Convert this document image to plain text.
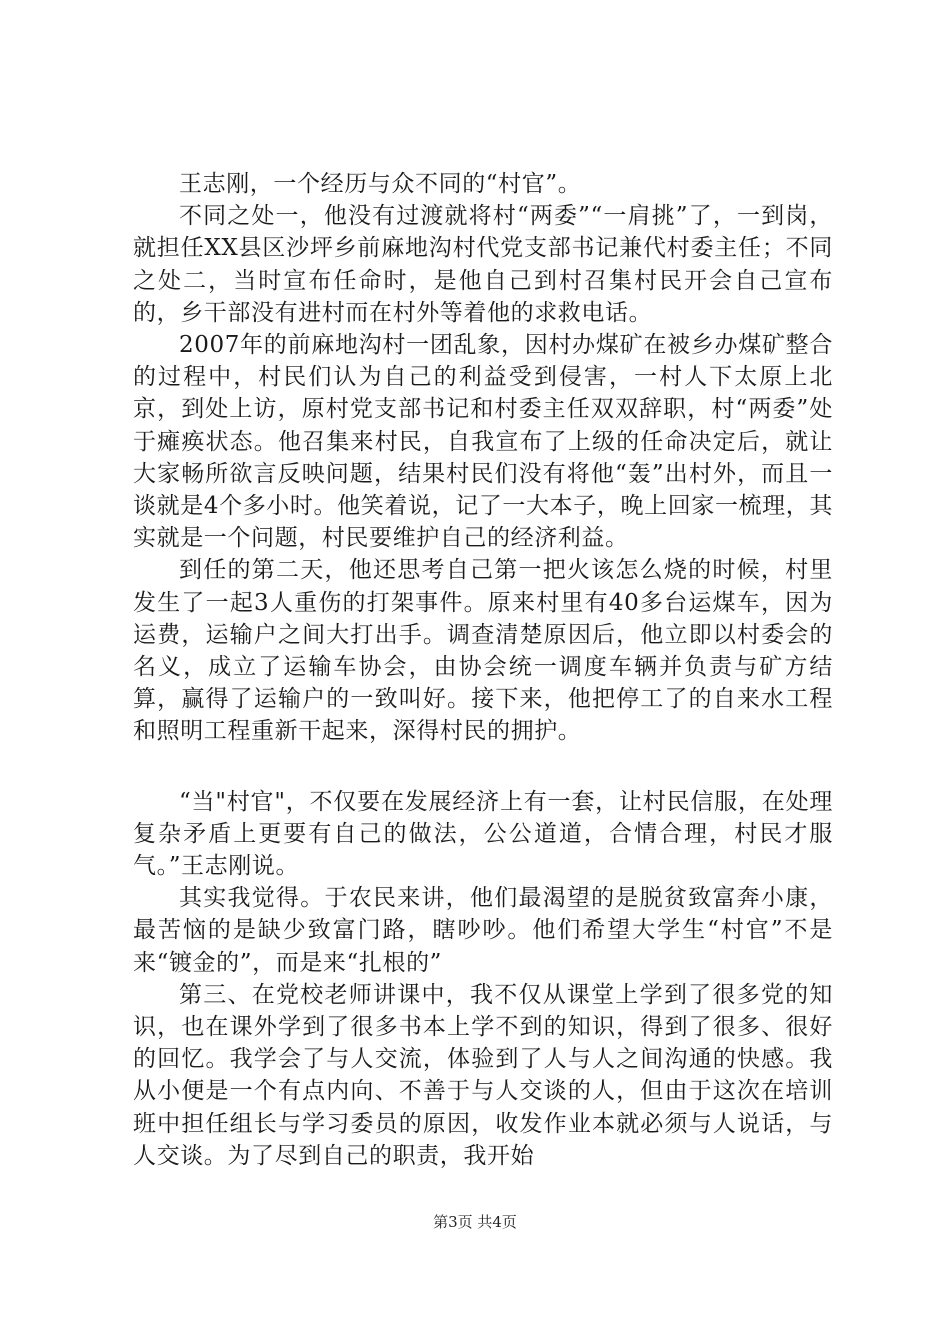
王志刚，一个经历与众不同的“村官”。

不同之处一，他没有过渡就将村“两委”“一肩挑”了，一到岗，就担任XX县区沙坪乡前麻地沟村代党支部书记兼代村委主任；不同之处二，当时宣布任命时，是他自己到村召集村民开会自己宣布的，乡干部没有进村而在村外等着他的求救电话。

2007年的前麻地沟村一团乱象，因村办煤矿在被乡办煤矿整合的过程中，村民们认为自己的利益受到侵害，一村人下太原上北京，到处上访，原村党支部书记和村委主任双双辞职，村“两委”处于瘫痪状态。他召集来村民，自我宣布了上级的任命决定后，就让大家畅所欲言反映问题，结果村民们没有将他“轰”出村外，而且一谈就是4个多小时。他笑着说，记了一大本子，晚上回家一梳理，其实就是一个问题，村民要维护自己的经济利益。

到任的第二天，他还思考自己第一把火该怎么烧的时候，村里发生了一起3人重伤的打架事件。原来村里有40多台运煤车，因为运费，运输户之间大打出手。调查清楚原因后，他立即以村委会的名义，成立了运输车协会，由协会统一调度车辆并负责与矿方结算，赢得了运输户的一致叫好。接下来，他把停工了的自来水工程和照明工程重新干起来，深得村民的拥护。

“当"村官"，不仅要在发展经济上有一套，让村民信服，在处理复杂矛盾上更要有自己的做法，公公道道，合情合理，村民才服气。”王志刚说。

其实我觉得。于农民来讲，他们最渴望的是脱贫致富奔小康，最苦恼的是缺少致富门路，瞎吵吵。他们希望大学生“村官”不是来“镀金的”，而是来“扎根的”

第三、在党校老师讲课中，我不仅从课堂上学到了很多党的知识，也在课外学到了很多书本上学不到的知识，得到了很多、很好的回忆。我学会了与人交流，体验到了人与人之间沟通的快感。我从小便是一个有点内向、不善于与人交谈的人，但由于这次在培训班中担任组长与学习委员的原因，收发作业本就必须与人说话，与人交谈。为了尽到自己的职责，我开始

第3页 共4页
